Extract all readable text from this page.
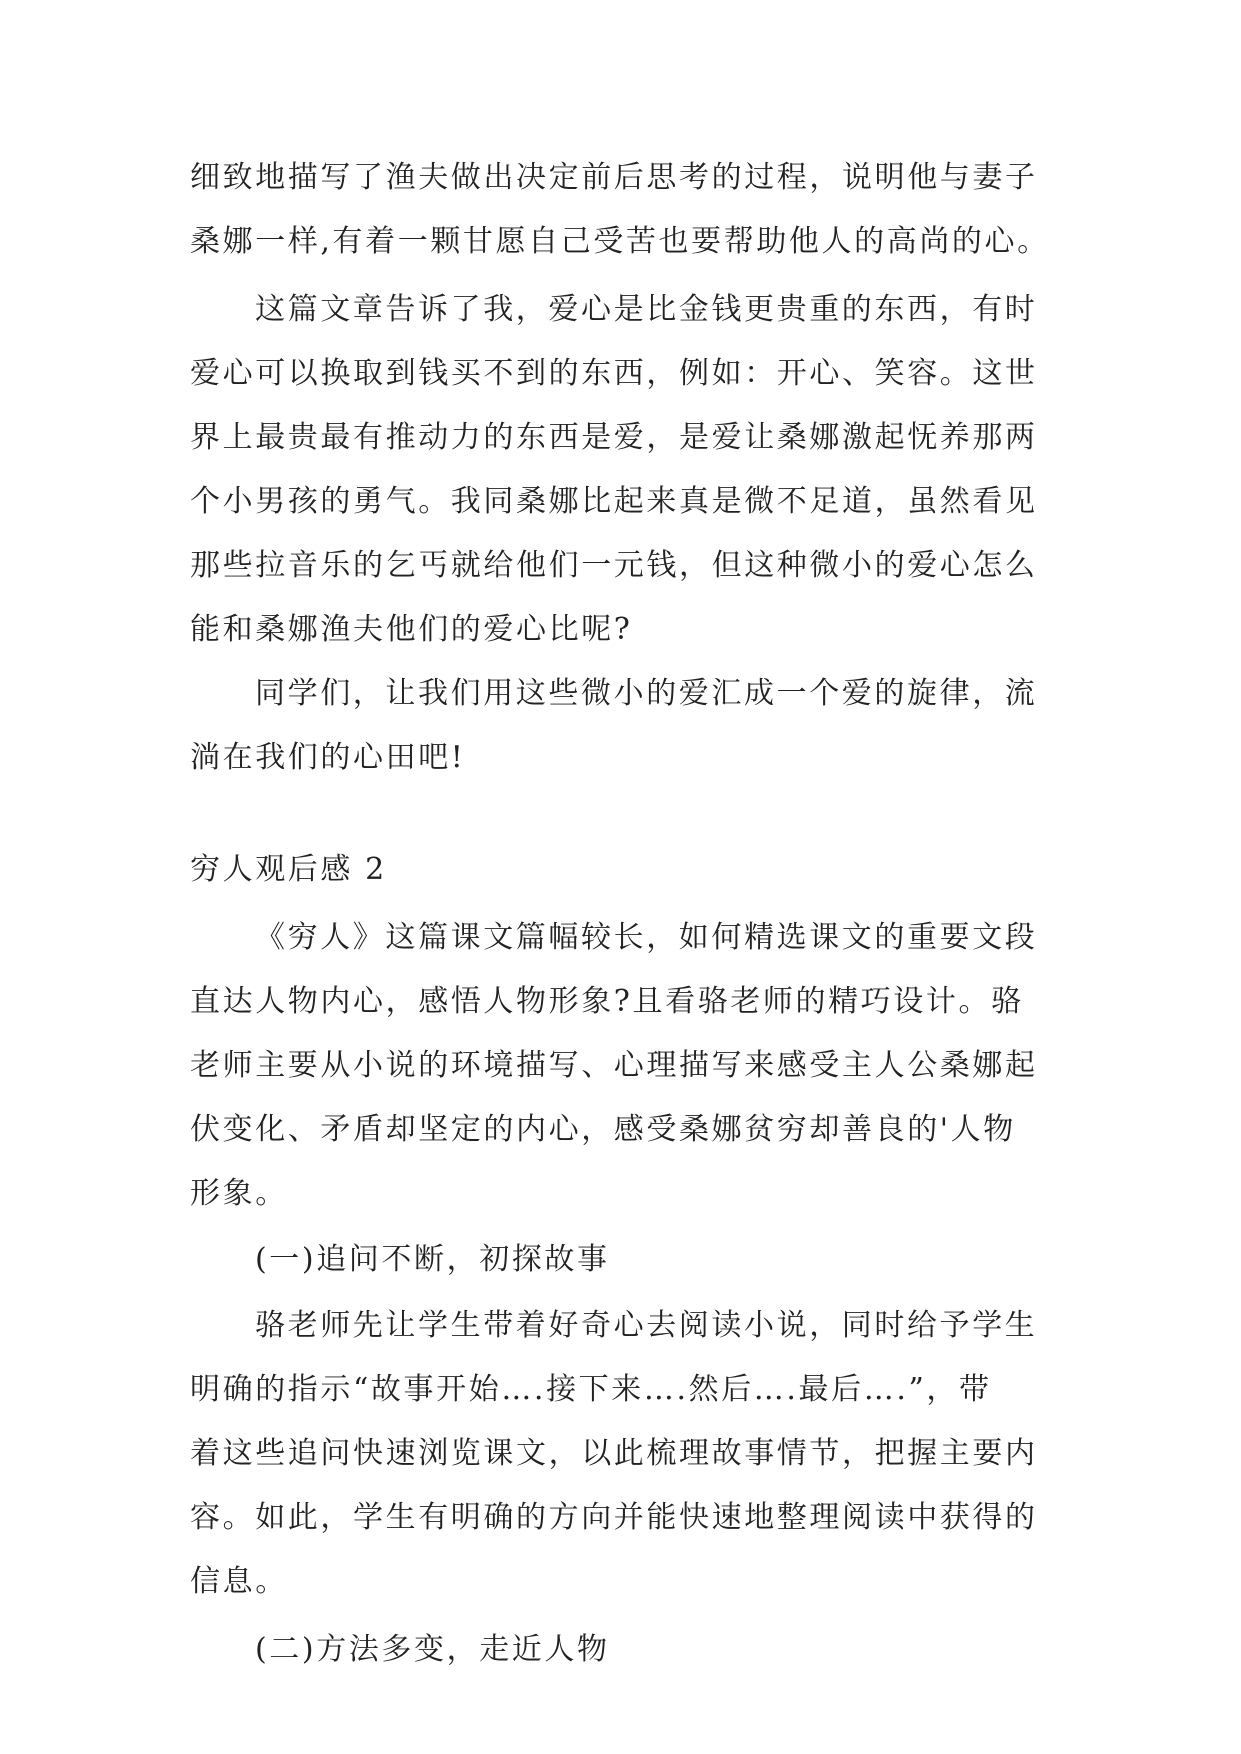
细致地描写了渔夫做出决定前后思考的过程，说明他与妻子
桑娜一样,有着一颗甘愿自己受苦也要帮助他人的高尚的心。
这篇文章告诉了我，爱心是比金钱更贵重的东西，有时
爱心可以换取到钱买不到的东西，例如：开心、笑容。这世
界上最贵最有推动力的东西是爱，是爱让桑娜激起怃养那两
个小男孩的勇气。我同桑娜比起来真是微不足道，虽然看见
那些拉音乐的乞丐就给他们一元钱，但这种微小的爱心怎么
能和桑娜渔夫他们的爱心比呢?
同学们，让我们用这些微小的爱汇成一个爱的旋律，流
淌在我们的心田吧!
穷人观后感 2
《穷人》这篇课文篇幅较长，如何精选课文的重要文段
直达人物内心，感悟人物形象?且看骆老师的精巧设计。骆
老师主要从小说的环境描写、心理描写来感受主人公桑娜起
伏变化、矛盾却坚定的内心，感受桑娜贫穷却善良的'人物
形象。
(一)追问不断，初探故事
骆老师先让学生带着好奇心去阅读小说，同时给予学生
明确的指示“故事开始….接下来….然后….最后….”，带
着这些追问快速浏览课文，以此梳理故事情节，把握主要内
容。如此，学生有明确的方向并能快速地整理阅读中获得的
信息。
(二)方法多变，走近人物
